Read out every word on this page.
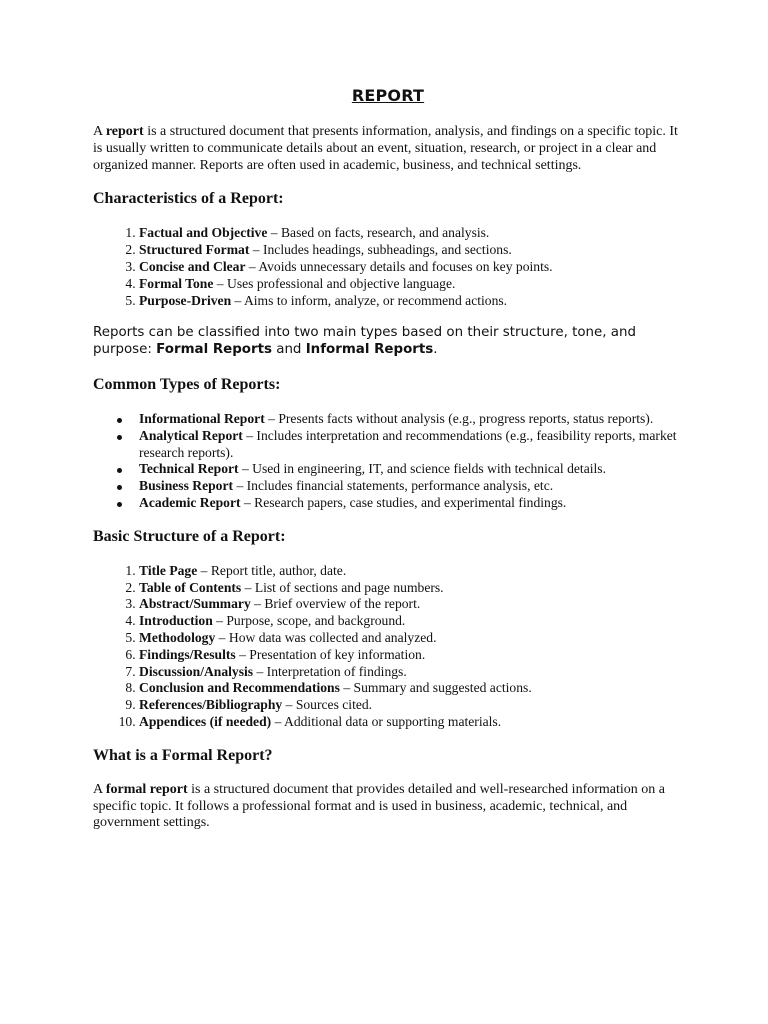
REPORT

A report is a structured document that presents information, analysis, and findings on a specific topic. It is usually written to communicate details about an event, situation, research, or project in a clear and organized manner. Reports are often used in academic, business, and technical settings.

Characteristics of a Report:
1. Factual and Objective – Based on facts, research, and analysis.
2. Structured Format – Includes headings, subheadings, and sections.
3. Concise and Clear – Avoids unnecessary details and focuses on key points.
4. Formal Tone – Uses professional and objective language.
5. Purpose-Driven – Aims to inform, analyze, or recommend actions.

Reports can be classified into two main types based on their structure, tone, and purpose: Formal Reports and Informal Reports.

Common Types of Reports:
Informational Report – Presents facts without analysis (e.g., progress reports, status reports).
Analytical Report – Includes interpretation and recommendations (e.g., feasibility reports, market research reports).
Technical Report – Used in engineering, IT, and science fields with technical details.
Business Report – Includes financial statements, performance analysis, etc.
Academic Report – Research papers, case studies, and experimental findings.
Basic Structure of a Report:
1. Title Page – Report title, author, date.
2. Table of Contents – List of sections and page numbers.
3. Abstract/Summary – Brief overview of the report.
4. Introduction – Purpose, scope, and background.
5. Methodology – How data was collected and analyzed.
6. Findings/Results – Presentation of key information.
7. Discussion/Analysis – Interpretation of findings.
8. Conclusion and Recommendations – Summary and suggested actions.
9. References/Bibliography – Sources cited.
10. Appendices (if needed) – Additional data or supporting materials.
What is a Formal Report?

A formal report is a structured document that provides detailed and well-researched information on a specific topic. It follows a professional format and is used in business, academic, technical, and government settings.
